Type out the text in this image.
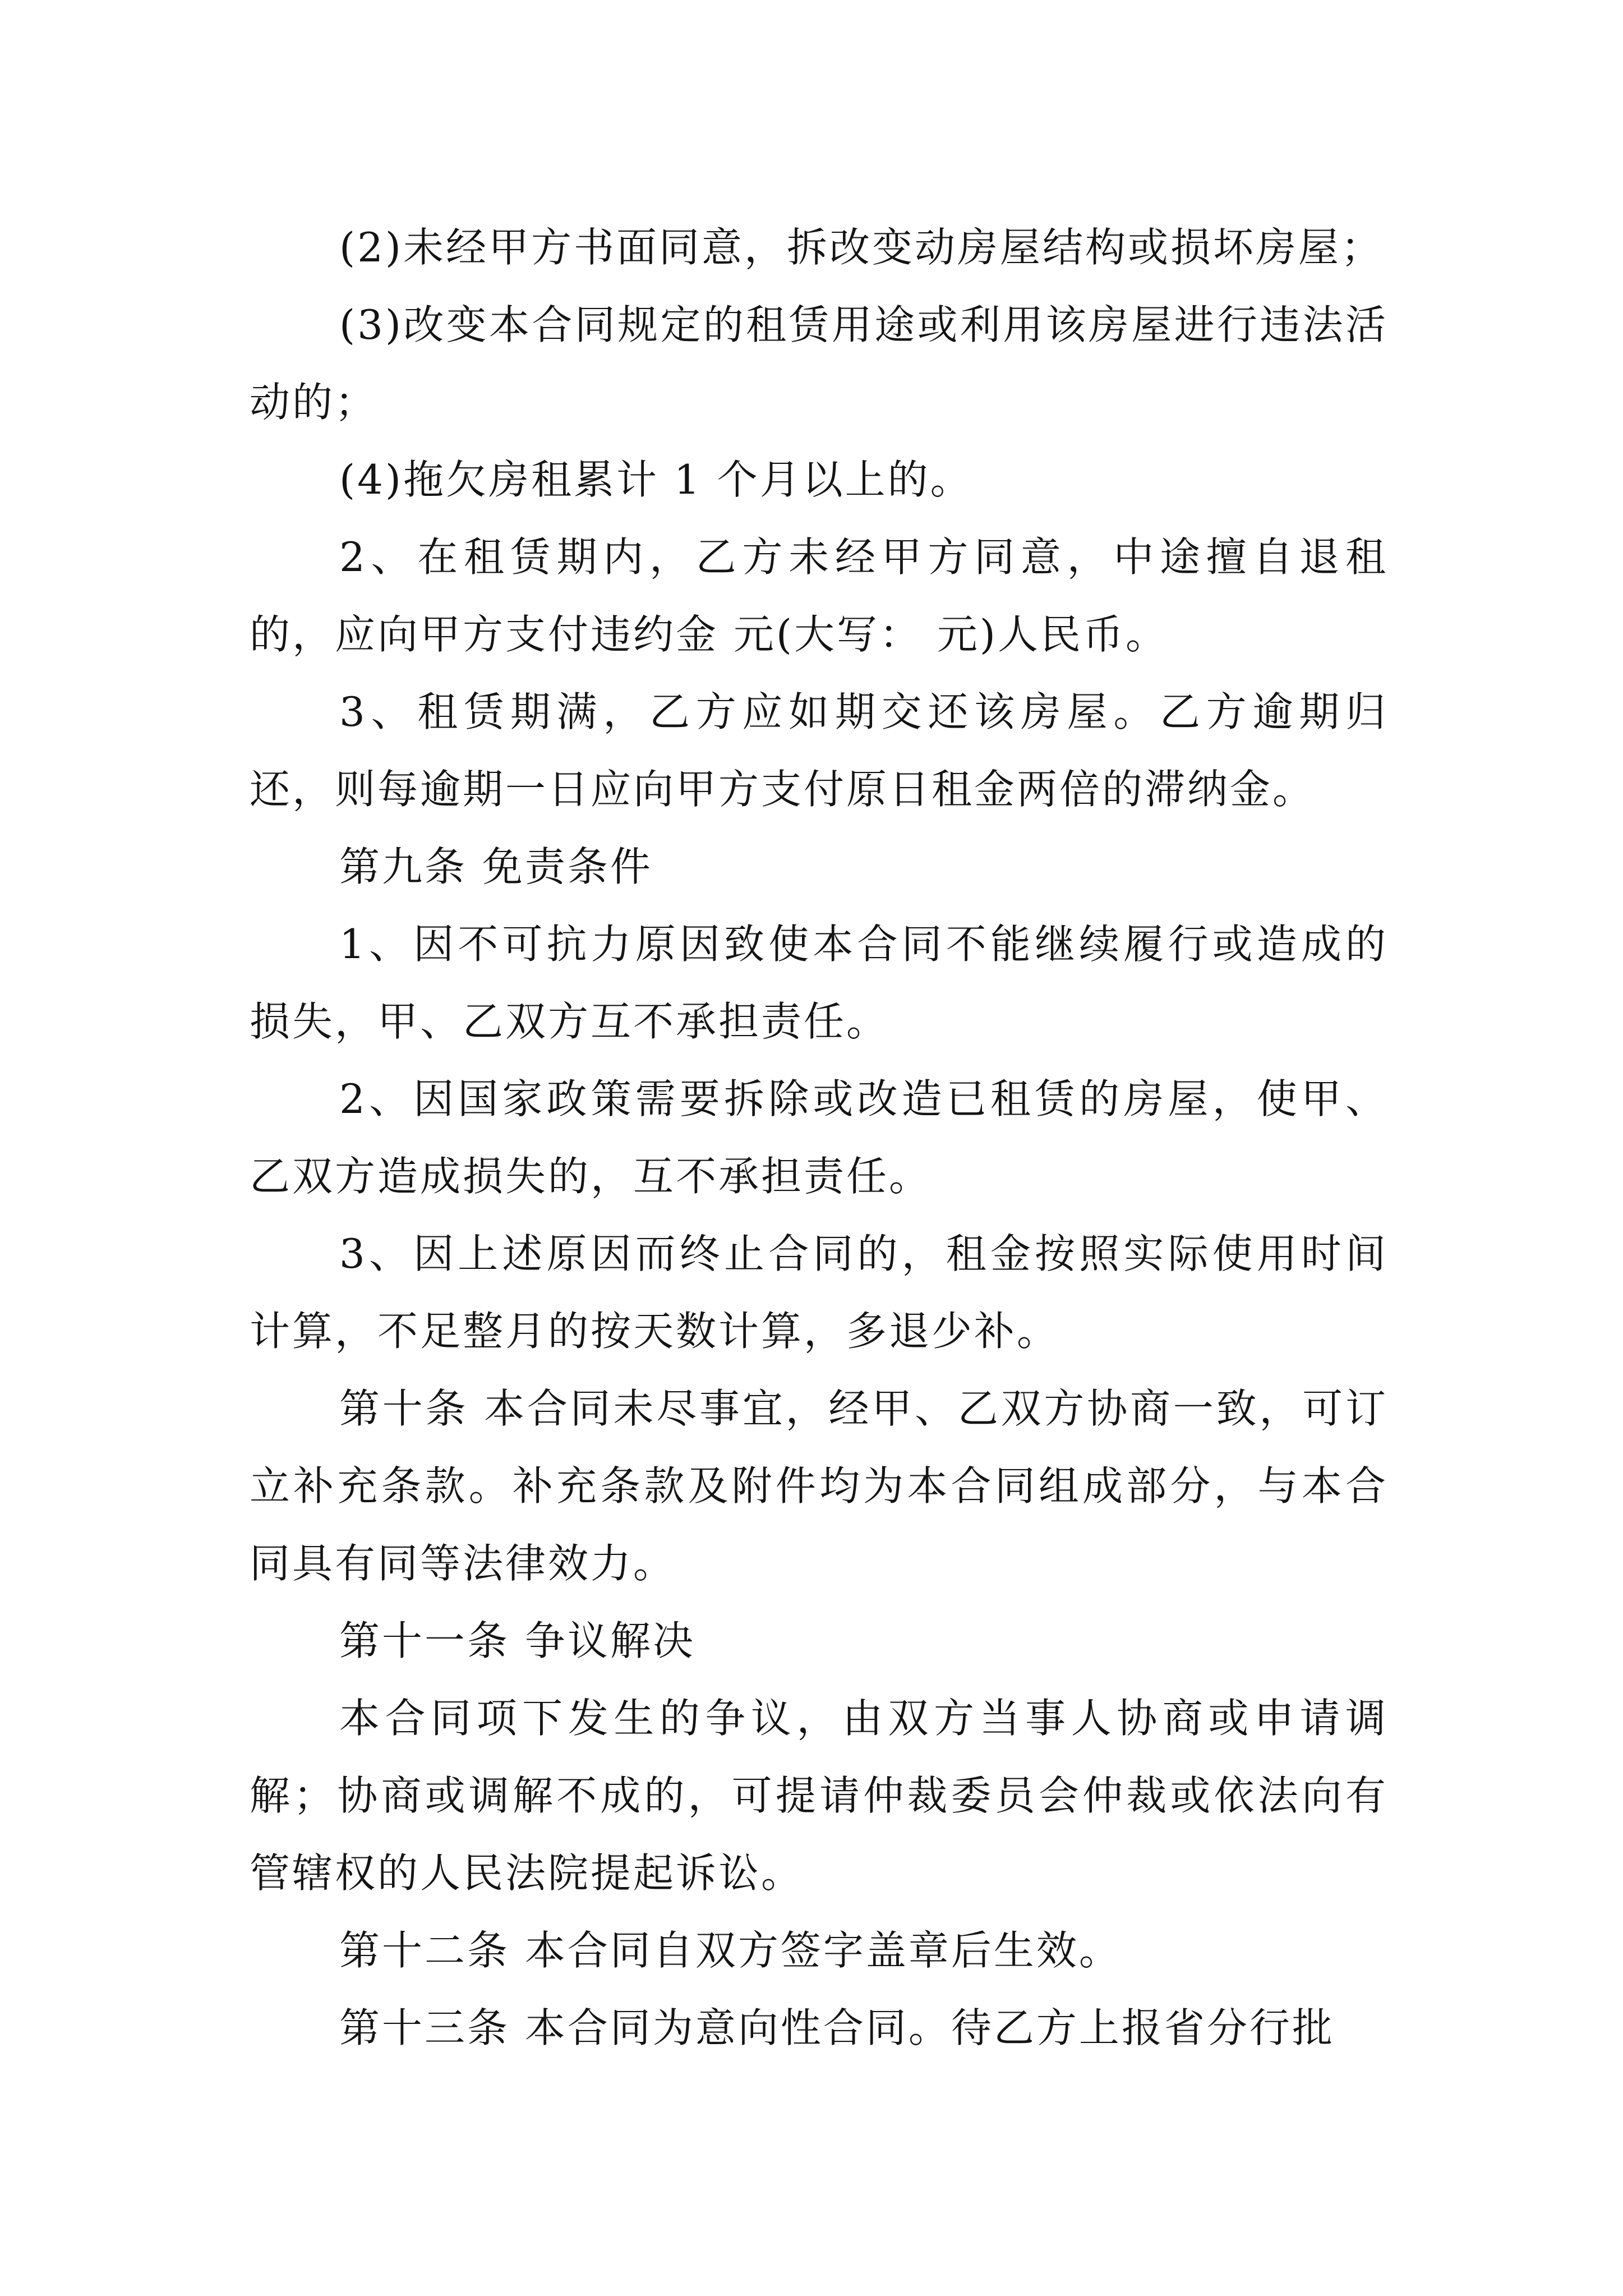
(2)未经甲方书面同意，拆改变动房屋结构或损坏房屋；

(3)改变本合同规定的租赁用途或利用该房屋进行违法活动的；

(4)拖欠房租累计 1 个月以上的。

2、在租赁期内，乙方未经甲方同意，中途擅自退租的，应向甲方支付违约金 元(大写： 元)人民币。

3、租赁期满，乙方应如期交还该房屋。乙方逾期归还，则每逾期一日应向甲方支付原日租金两倍的滞纳金。

第九条 免责条件

1、因不可抗力原因致使本合同不能继续履行或造成的损失，甲、乙双方互不承担责任。

2、因国家政策需要拆除或改造已租赁的房屋，使甲、乙双方造成损失的，互不承担责任。

3、因上述原因而终止合同的，租金按照实际使用时间计算，不足整月的按天数计算，多退少补。

第十条 本合同未尽事宜，经甲、乙双方协商一致，可订立补充条款。补充条款及附件均为本合同组成部分，与本合同具有同等法律效力。

第十一条 争议解决

本合同项下发生的争议，由双方当事人协商或申请调解；协商或调解不成的，可提请仲裁委员会仲裁或依法向有管辖权的人民法院提起诉讼。

第十二条 本合同自双方签字盖章后生效。

第十三条 本合同为意向性合同。待乙方上报省分行批
